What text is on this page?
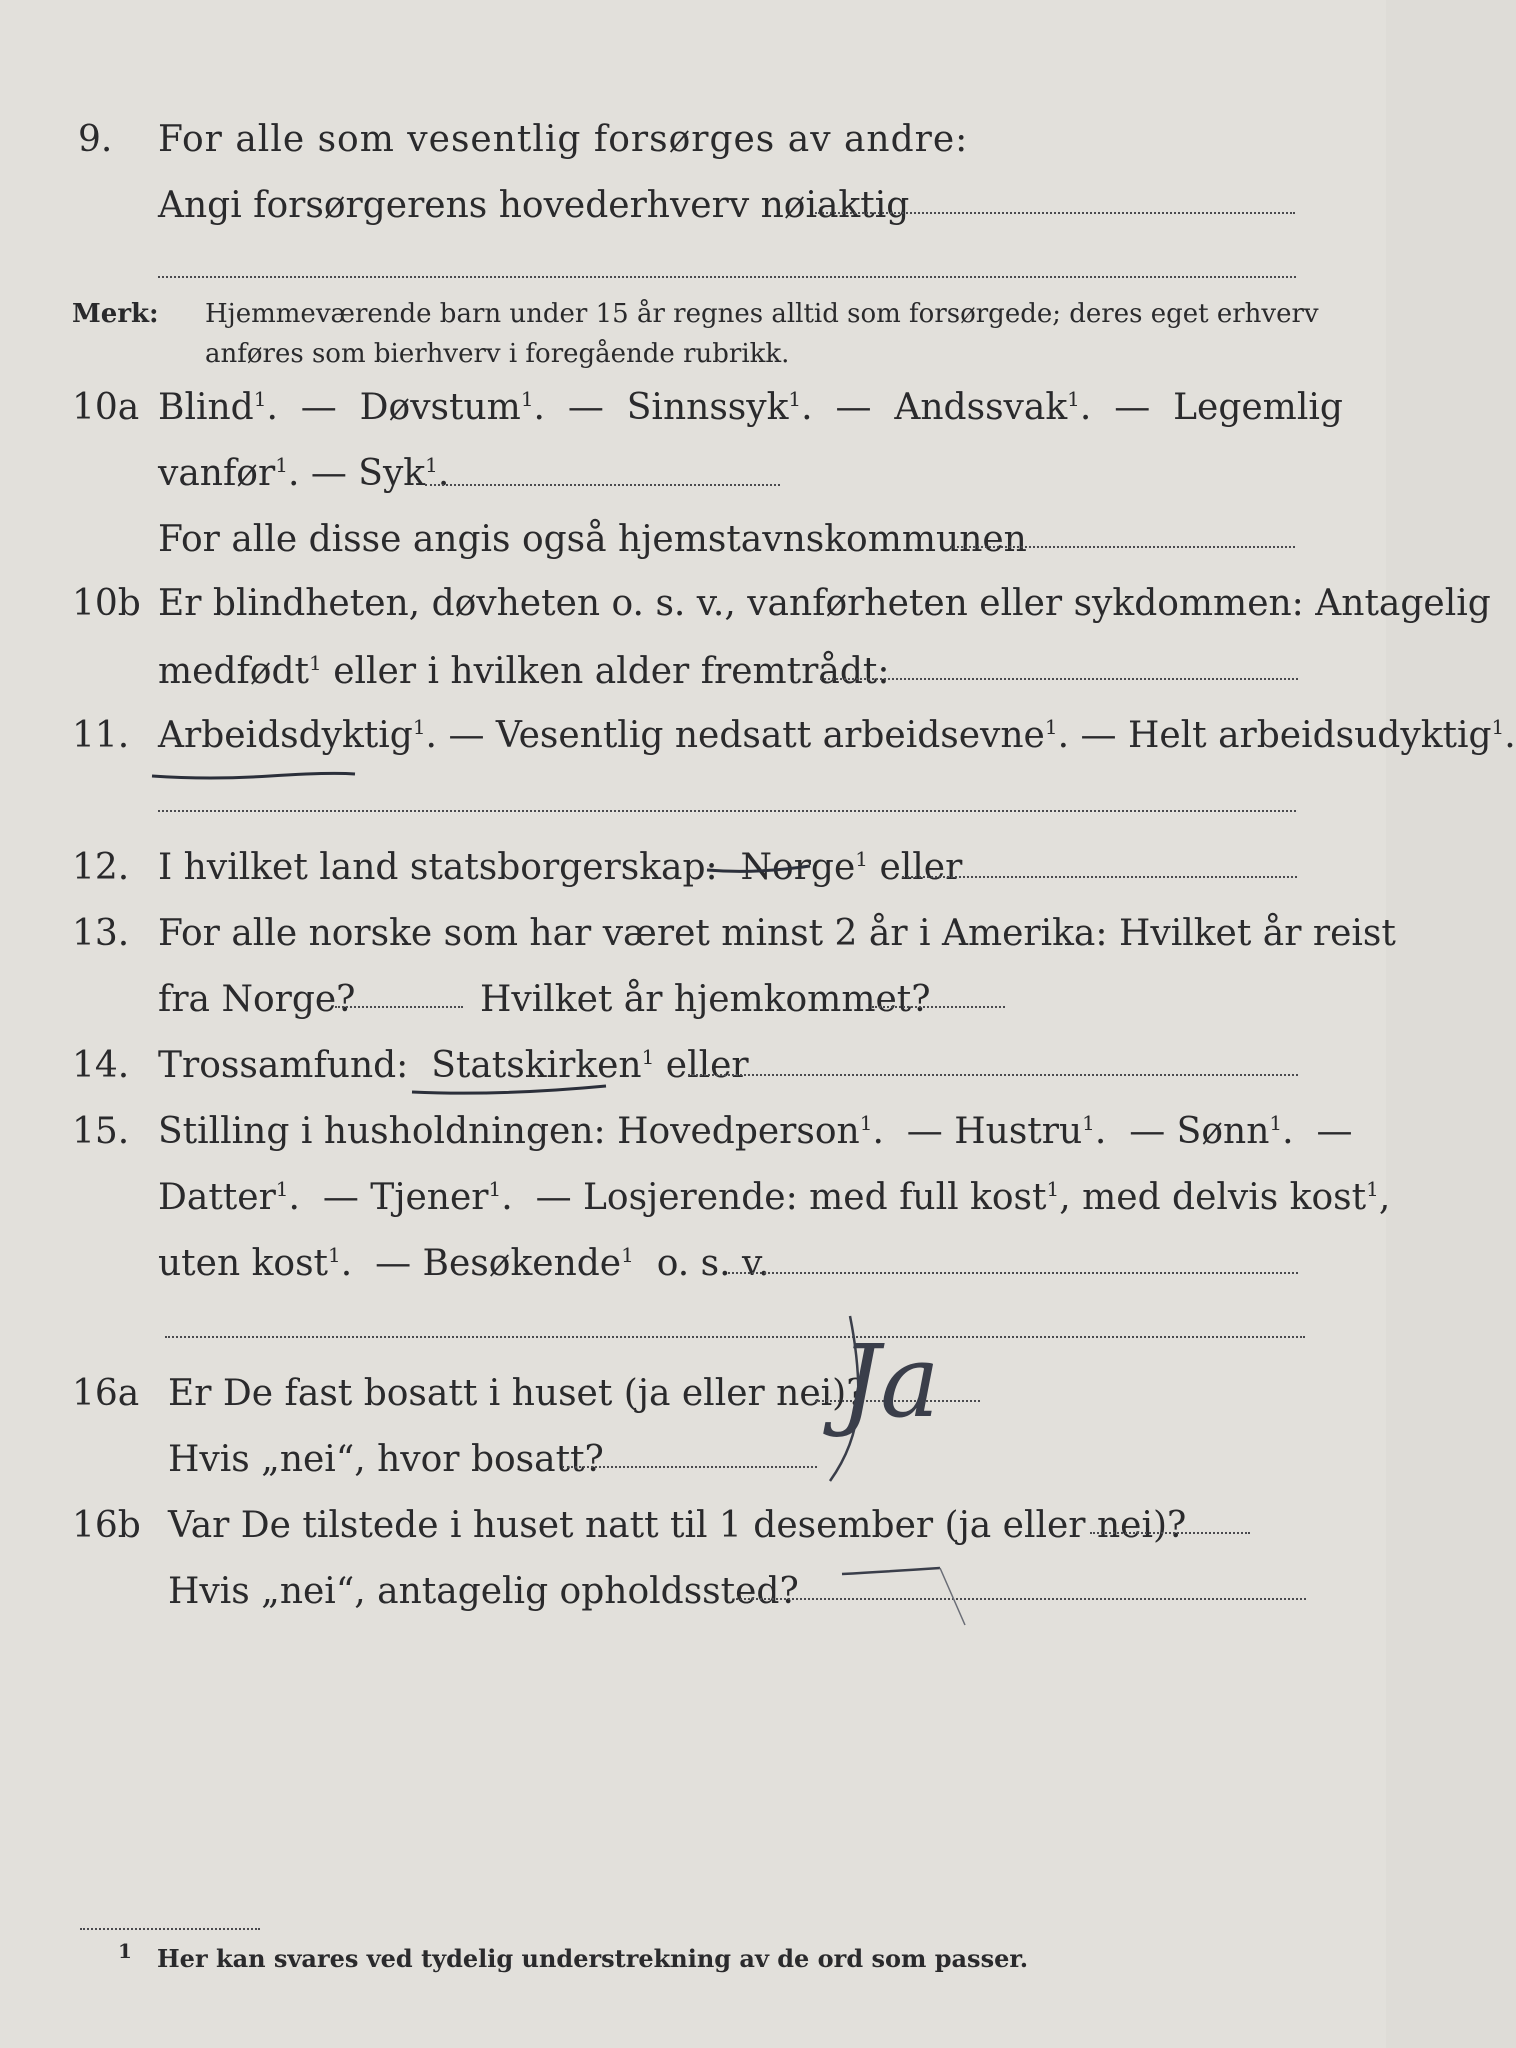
9. For alle som vesentlig forsørges av andre:
Angi forsørgerens hovederhverv nøiaktig
Merk: Hjemmeværende barn under 15 år regnes alltid som forsørgede; deres eget erhverv
anføres som bierhverv i foregående rubrikk.
10a Blind$^1$.  —  Døvstum$^1$.  —  Sinnssyk$^1$.  —  Andssvak$^1$.  —  Legemlig
vanfør$^1$. — Syk$^1$.
For alle disse angis også hjemstavnskommunen
10b Er blindheten, døvheten o. s. v., vanførheten eller sykdommen: Antagelig
medfødt$^1$ eller i hvilken alder fremtrådt:
11. Arbeidsdyktig$^1$. — Vesentlig nedsatt arbeidsevne$^1$. — Helt arbeidsudyktig$^1$.
12. I hvilket land statsborgerskap: Norge$^1$ eller
13. For alle norske som har været minst 2 år i Amerika: Hvilket år reist
fra Norge?	Hvilket år hjemkommet?
14. Trossamfund: Statskirken$^1$ eller
15. Stilling i husholdningen: Hovedperson$^1$.  — Hustru$^1$.  — Sønn$^1$.  —
Datter$^1$.  — Tjener$^1$.  — Losjerende: med full kost$^1$, med delvis kost$^1$,
uten kost$^1$.  — Besøkende$^1$ o. s. v.
16a Er De fast bosatt i huset (ja eller nei)?
Ja
Hvis „nei“, hvor bosatt?
16b Var De tilstede i huset natt til 1 desember (ja eller nei)?
Hvis „nei“, antagelig opholdssted?
$^1$ Her kan svares ved tydelig understrekning av de ord som passer.
